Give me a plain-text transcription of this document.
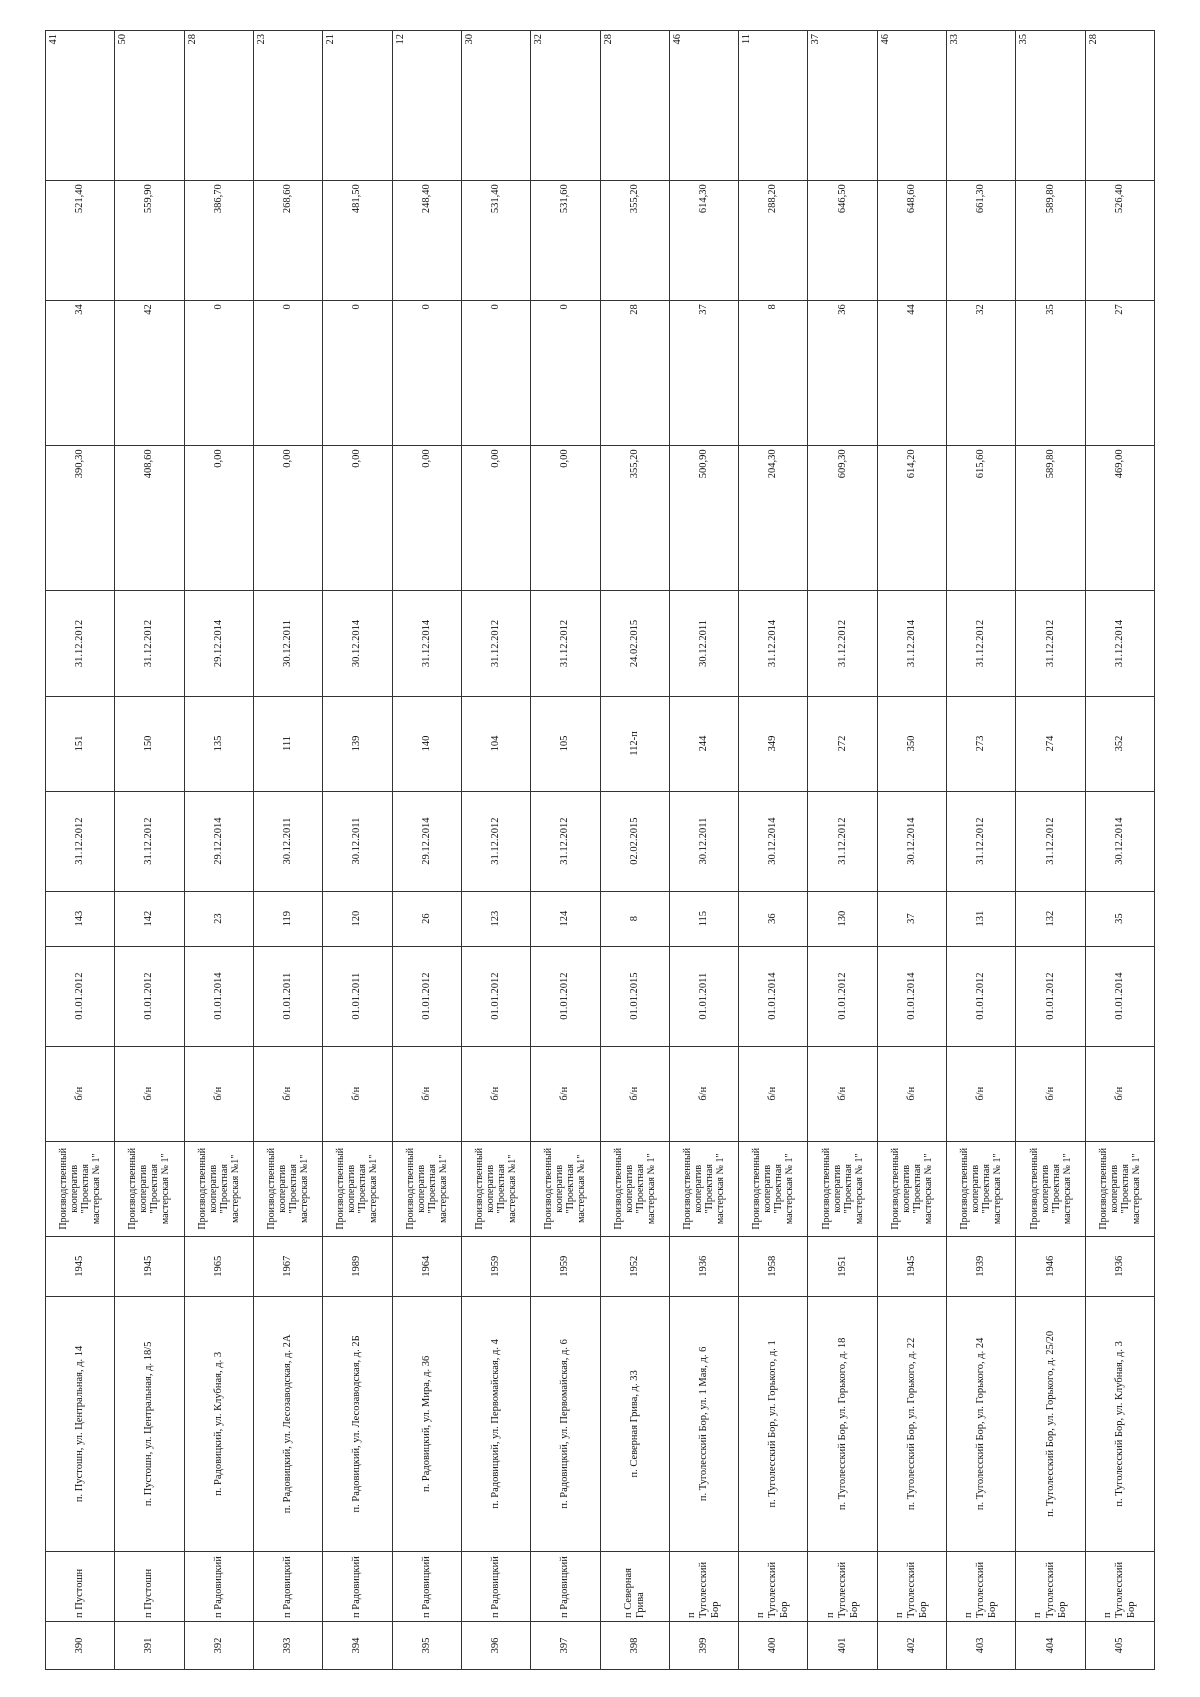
390	п Пустошн	п. Пустошн, ул. Центральная, д. 14	1945	Производственный кооператив "Проектная мастерская № 1"	б/н	01.01.2012	143	31.12.2012	151	31.12.2012	390,30	34	521,40	41
391	п Пустошн	п. Пустошн, ул. Центральная, д. 18/5	1945	Производственный кооператив "Проектная мастерская № 1"	б/н	01.01.2012	142	31.12.2012	150	31.12.2012	408,60	42	559,90	50
392	п Радовицкий	п. Радовицкий, ул. Клубная, д. 3	1965	Производственный кооператив "Проектная мастерская №1"	б/н	01.01.2014	23	29.12.2014	135	29.12.2014	0,00	0	386,70	28
393	п Радовицкий	п. Радовицкий, ул. Лесозаводская, д. 2А	1967	Производственный кооператив "Проектная мастерская №1"	б/н	01.01.2011	119	30.12.2011	111	30.12.2011	0,00	0	268,60	23
394	п Радовицкий	п. Радовицкий, ул. Лесозаводская, д. 2Б	1989	Производственный кооператив "Проектная мастерская №1"	б/н	01.01.2011	120	30.12.2011	139	30.12.2014	0,00	0	481,50	21
395	п Радовицкий	п. Радовицкий, ул. Мира, д. 36	1964	Производственный кооператив "Проектная мастерская №1"	б/н	01.01.2012	26	29.12.2014	140	31.12.2014	0,00	0	248,40	12
396	п Радовицкий	п. Радовицкий, ул. Первомайская, д. 4	1959	Производственный кооператив "Проектная мастерская №1"	б/н	01.01.2012	123	31.12.2012	104	31.12.2012	0,00	0	531,40	30
397	п Радовицкий	п. Радовицкий, ул. Первомайская, д. 6	1959	Производственный кооператив "Проектная мастерская №1"	б/н	01.01.2012	124	31.12.2012	105	31.12.2012	0,00	0	531,60	32
398	п Северная Грива	п. Северная Грива, д. 33	1952	Производственный кооператив "Проектная мастерская № 1"	б/н	01.01.2015	8	02.02.2015	112-п	24.02.2015	355,20	28	355,20	28
399	п Туголесский Бор	п. Туголесский Бор, ул. 1 Мая, д. 6	1936	Производственный кооператив "Проектная мастерская № 1"	б/н	01.01.2011	115	30.12.2011	244	30.12.2011	500,90	37	614,30	46
400	п Туголесский Бор	п. Туголесский Бор, ул. Горького, д. 1	1958	Производственный кооператив "Проектная мастерская № 1"	б/н	01.01.2014	36	30.12.2014	349	31.12.2014	204,30	8	288,20	11
401	п Туголесский Бор	п. Туголесский Бор, ул. Горького, д. 18	1951	Производственный кооператив "Проектная мастерская № 1"	б/н	01.01.2012	130	31.12.2012	272	31.12.2012	609,30	36	646,50	37
402	п Туголесский Бор	п. Туголесский Бор, ул. Горького, д. 22	1945	Производственный кооператив "Проектная мастерская № 1"	б/н	01.01.2014	37	30.12.2014	350	31.12.2014	614,20	44	648,60	46
403	п Туголесский Бор	п. Туголесский Бор, ул. Горького, д. 24	1939	Производственный кооператив "Проектная мастерская № 1"	б/н	01.01.2012	131	31.12.2012	273	31.12.2012	615,60	32	661,30	33
404	п Туголесский Бор	п. Туголесский Бор, ул. Горького, д. 25/20	1946	Производственный кооператив "Проектная мастерская № 1"	б/н	01.01.2012	132	31.12.2012	274	31.12.2012	589,80	35	589,80	35
405	п Туголесский Бор	п. Туголесский Бор, ул. Клубная, д. 3	1936	Производственный кооператив "Проектная мастерская № 1"	б/н	01.01.2014	35	30.12.2014	352	31.12.2014	469,00	27	526,40	28
